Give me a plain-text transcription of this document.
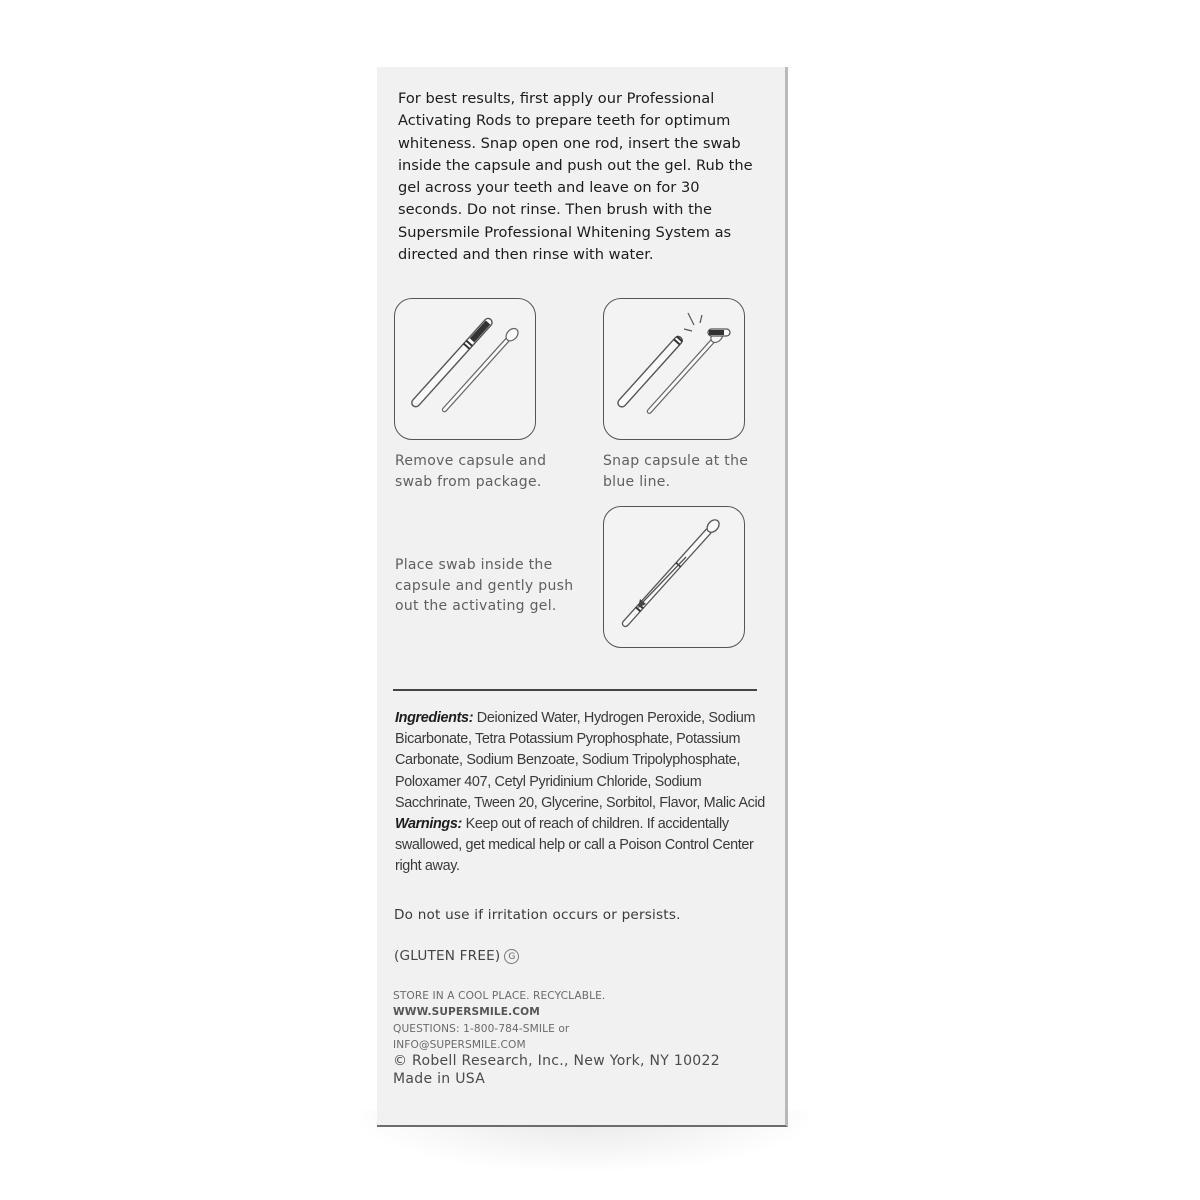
For best results, first apply our Professional Activating Rods to prepare teeth for optimum whiteness. Snap open one rod, insert the swab inside the capsule and push out the gel. Rub the gel across your teeth and leave on for 30 seconds. Do not rinse. Then brush with the Supersmile Professional Whitening System as directed and then rinse with water.
Remove capsule and
swab from package.
Snap capsule at the
blue line.
Place swab inside the
capsule and gently push
out the activating gel.
Ingredients: Deionized Water, Hydrogen Peroxide, Sodium Bicarbonate, Tetra Potassium Pyrophosphate, Potassium Carbonate, Sodium Benzoate, Sodium Tripolyphosphate, Poloxamer 407, Cetyl Pyridinium Chloride, Sodium Sacchrinate, Tween 20, Glycerine, Sorbitol, Flavor, Malic Acid Warnings: Keep out of reach of children. If accidentally swallowed, get medical help or call a Poison Control Center right away.
Do not use if irritation occurs or persists.
(GLUTEN FREE) G
STORE IN A COOL PLACE. RECYCLABLE.
WWW.SUPERSMILE.COM
QUESTIONS: 1-800-784-SMILE or
INFO@SUPERSMILE.COM
© Robell Research, Inc., New York, NY 10022
Made in USA
